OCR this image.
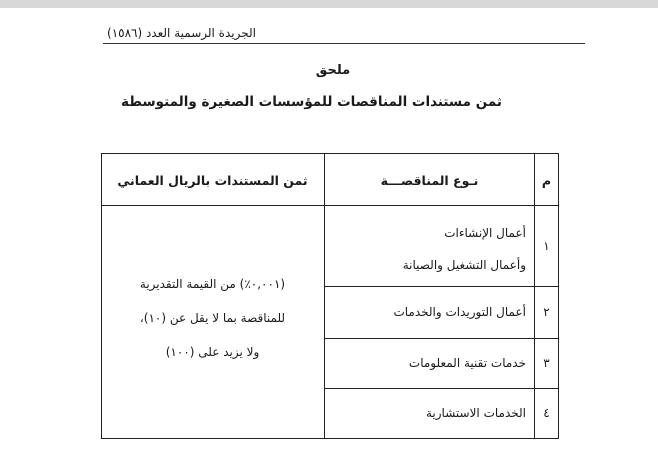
الجريدة الرسمية العدد (١٥٨٦)
ملحق
ثمن مستندات المناقصات للمؤسسات الصغيرة والمتوسطة
م
نـوع المناقصـــة
ثمن المستندات بالريال العماني
١
أعمال الإنشاءات
وأعمال التشغيل والصيانة
٢
أعمال التوريدات والخدمات
٣
خدمات تقنية المعلومات
٤
الخدمات الاستشارية
(٠,٠٠١٪) من القيمة التقديرية
للمناقصة بما لا يقل عن (١٠)،
ولا يزيد على (١٠٠)
